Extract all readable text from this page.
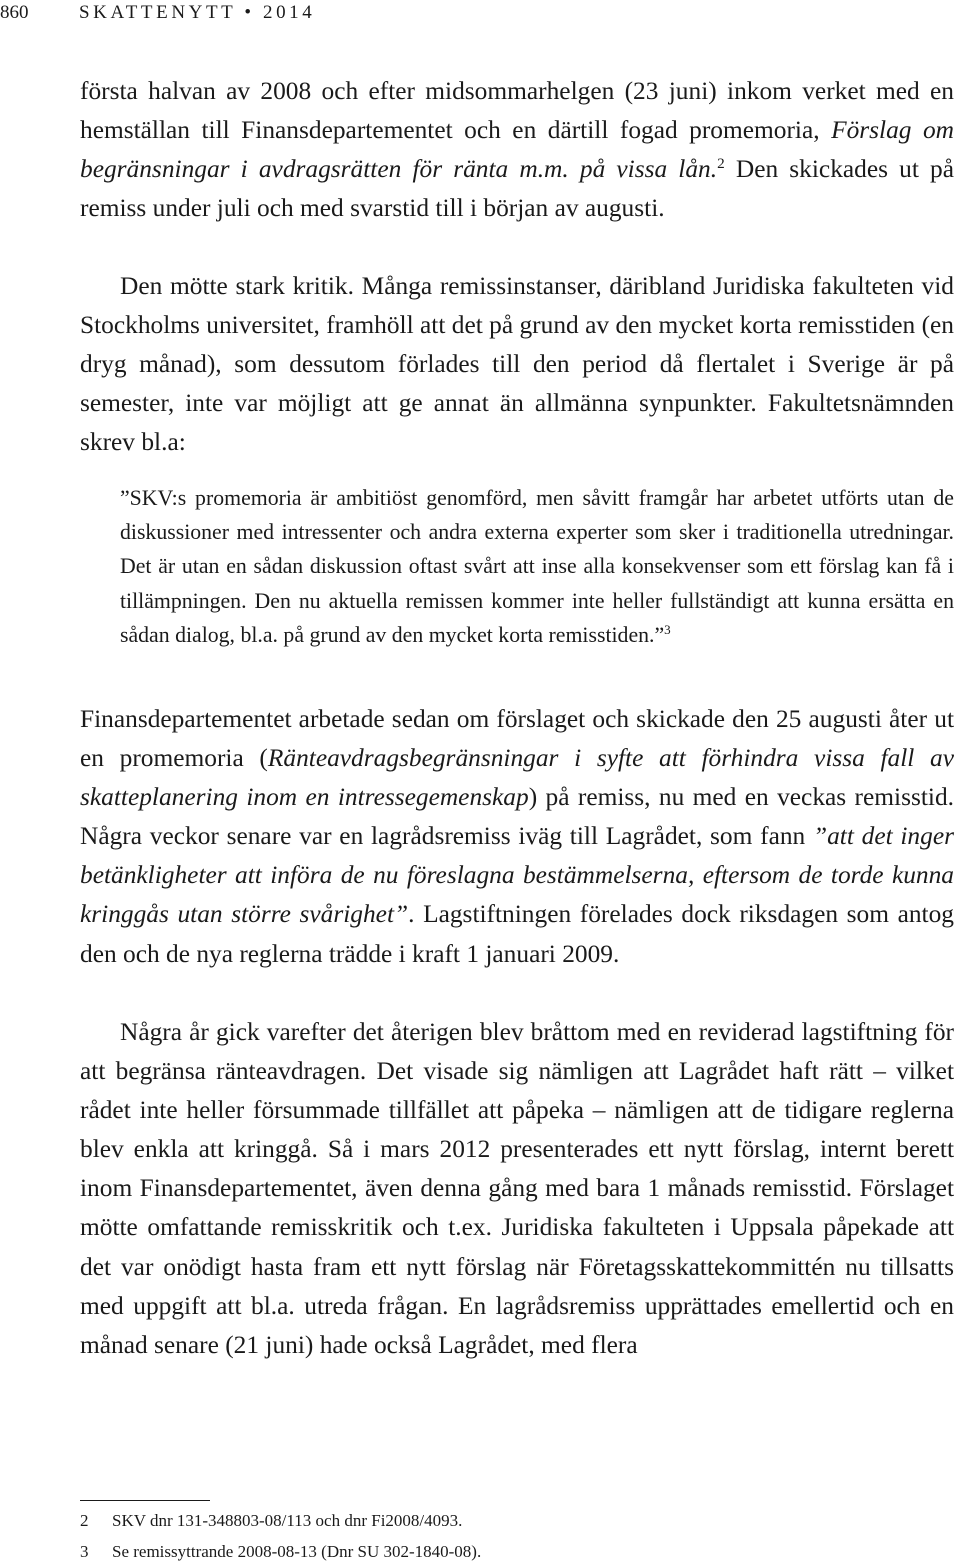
860	SKATTENYTT • 2014

första halvan av 2008 och efter midsommarhelgen (23 juni) inkom verket med en hemställan till Finansdepartementet och en därtill fogad promemoria, Förslag om begränsningar i avdragsrätten för ränta m.m. på vissa lån.$^2$ Den skickades ut på remiss under juli och med svarstid till i början av augusti.

Den mötte stark kritik. Många remissinstanser, däribland Juridiska fakulteten vid Stockholms universitet, framhöll att det på grund av den mycket korta remisstiden (en dryg månad), som dessutom förlades till den period då flertalet i Sverige är på semester, inte var möjligt att ge annat än allmänna synpunkter. Fakultetsnämnden skrev bl.a:

”SKV:s promemoria är ambitiöst genomförd, men såvitt framgår har arbetet utförts utan de diskussioner med intressenter och andra externa experter som sker i traditionella utredningar. Det är utan en sådan diskussion oftast svårt att inse alla konsekvenser som ett förslag kan få i tillämpningen. Den nu aktuella remissen kommer inte heller fullständigt att kunna ersätta en sådan dialog, bl.a. på grund av den mycket korta remisstiden.”$^3$

Finansdepartementet arbetade sedan om förslaget och skickade den 25 augusti åter ut en promemoria (Ränteavdragsbegränsningar i syfte att förhindra vissa fall av skatteplanering inom en intressegemenskap) på remiss, nu med en veckas remisstid. Några veckor senare var en lagrådsremiss iväg till Lagrådet, som fann ”att det inger betänkligheter att införa de nu föreslagna bestämmelserna, eftersom de torde kunna kringgås utan större svårighet”. Lagstiftningen förelades dock riksdagen som antog den och de nya reglerna trädde i kraft 1 januari 2009.

Några år gick varefter det återigen blev bråttom med en reviderad lagstiftning för att begränsa ränteavdragen. Det visade sig nämligen att Lagrådet haft rätt – vilket rådet inte heller försummade tillfället att påpeka – nämligen att de tidigare reglerna blev enkla att kringgå. Så i mars 2012 presenterades ett nytt förslag, internt berett inom Finansdepartementet, även denna gång med bara 1 månads remisstid. Förslaget mötte omfattande remisskritik och t.ex. Juridiska fakulteten i Uppsala påpekade att det var onödigt hasta fram ett nytt förslag när Företagsskattekommittén nu tillsatts med uppgift att bl.a. utreda frågan. En lagrådsremiss upprättades emellertid och en månad senare (21 juni) hade också Lagrådet, med flera

2 SKV dnr 131-348803-08/113 och dnr Fi2008/4093.
3 Se remissyttrande 2008-08-13 (Dnr SU 302-1840-08).
